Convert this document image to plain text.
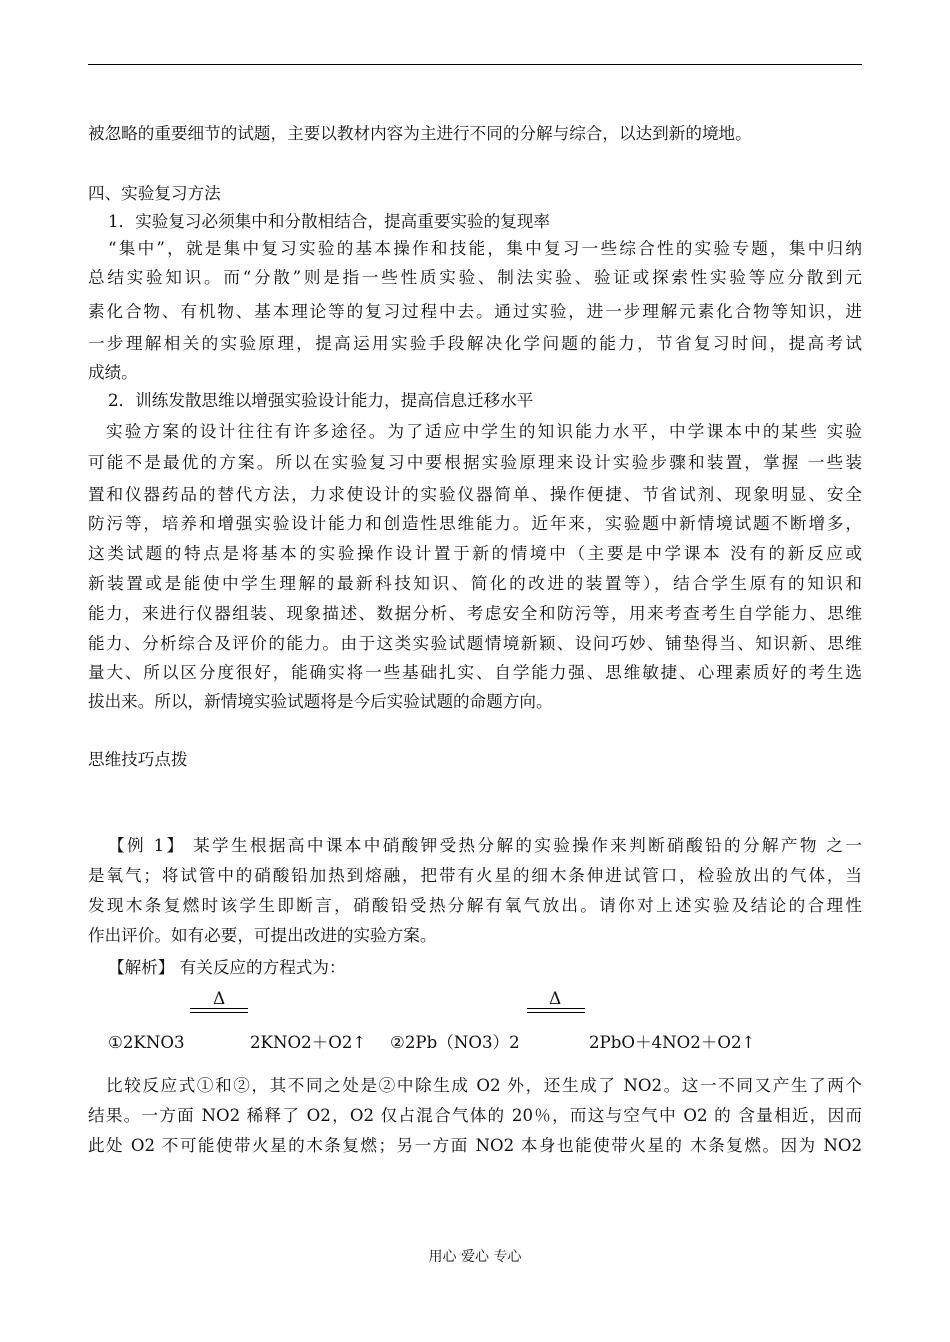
被忽略的重要细节的试题，主要以教材内容为主进行不同的分解与综合，以达到新的境地。
四、实验复习方法
1．实验复习必须集中和分散相结合，提高重要实验的复现率
“集中”，就是集中复习实验的基本操作和技能，集中复习一些综合性的实验专题，集中归纳
总结实验知识。而“分散”则是指一些性质实验、制法实验、验证或探索性实验等应分散到元
素化合物、有机物、基本理论等的复习过程中去。通过实验，进一步理解元素化合物等知识，进
一步理解相关的实验原理，提高运用实验手段解决化学问题的能力，节省复习时间，提高考试
成绩。
2．训练发散思维以增强实验设计能力，提高信息迁移水平
实验方案的设计往往有许多途径。为了适应中学生的知识能力水平，中学课本中的某些 实验
可能不是最优的方案。所以在实验复习中要根据实验原理来设计实验步骤和装置，掌握 一些装
置和仪器药品的替代方法，力求使设计的实验仪器简单、操作便捷、节省试剂、现象明显、安全
防污等，培养和增强实验设计能力和创造性思维能力。近年来，实验题中新情境试题不断增多，
这类试题的特点是将基本的实验操作设计置于新的情境中（主要是中学课本 没有的新反应或
新装置或是能使中学生理解的最新科技知识、简化的改进的装置等），结合学生原有的知识和
能力，来进行仪器组装、现象描述、数据分析、考虑安全和防污等，用来考查考生自学能力、思维
能力、分析综合及评价的能力。由于这类实验试题情境新颖、设问巧妙、铺垫得当、知识新、思维
量大、所以区分度很好，能确实将一些基础扎实、自学能力强、思维敏捷、心理素质好的考生选
拔出来。所以，新情境实验试题将是今后实验试题的命题方向。
思维技巧点拨
【例 1】 某学生根据高中课本中硝酸钾受热分解的实验操作来判断硝酸铅的分解产物 之一
是氧气；将试管中的硝酸铅加热到熔融，把带有火星的细木条伸进试管口，检验放出的气体，当
发现木条复燃时该学生即断言，硝酸铅受热分解有氧气放出。请你对上述实验及结论的合理性
作出评价。如有必要，可提出改进的实验方案。
【解析】 有关反应的方程式为：
Δ	Δ
①2KNO3	2KNO2＋O2↑ ②2Pb（NO3）2	2PbO＋4NO2＋O2↑
比较反应式①和②，其不同之处是②中除生成 O2 外，还生成了 NO2。这一不同又产生了两个
结果。一方面 NO2 稀释了 O2，O2 仅占混合气体的 20％，而这与空气中 O2 的 含量相近，因而
此处 O2 不可能使带火星的木条复燃；另一方面 NO2 本身也能使带火星的 木条复燃。因为 NO2
用心 爱心 专心
